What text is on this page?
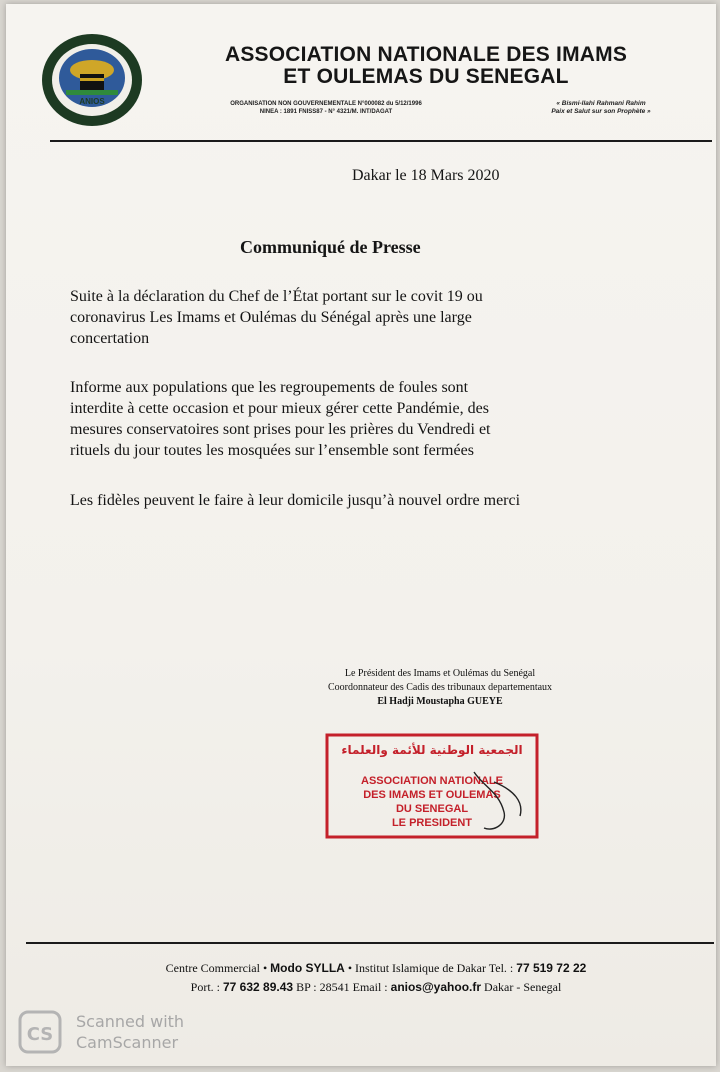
ANIOS
ASSOCIATION NATIONALE DES IMAMS
ET OULEMAS DU SENEGAL
ORGANISATION NON GOUVERNEMENTALE N°000082 du 5/12/1996
NINEA : 1891 FNISS87 - N° 4321/M. INT/DAGAT
« Bismi-llahi Rahmani Rahim
Paix et Salut sur son Prophète »
Dakar le 18 Mars 2020
Communiqué de Presse
Suite à la déclaration du Chef de l’État portant sur le covit 19 ou
coronavirus Les Imams et Oulémas du Sénégal après une large
concertation
Informe aux populations que les regroupements de foules sont
interdite à cette occasion et pour mieux gérer cette Pandémie, des
mesures conservatoires sont prises pour les prières du Vendredi et
rituels du jour toutes les mosquées sur l’ensemble sont fermées
Les fidèles peuvent le faire à leur domicile jusqu’à nouvel ordre merci
Le Président des Imams et Oulémas du Senégal
Coordonnateur des Cadis des tribunaux departementaux
El Hadji Moustapha GUEYE
الجمعية الوطنية للأئمة والعلماء
ASSOCIATION NATIONALE
DES IMAMS ET OULEMAS
DU SENEGAL
LE PRESIDENT
Centre Commercial • Modo SYLLA • Institut Islamique de Dakar Tel. : 77 519 72 22
Port. : 77 632 89.43 BP : 28541 Email : anios@yahoo.fr Dakar - Senegal
CS
Scanned with
CamScanner
